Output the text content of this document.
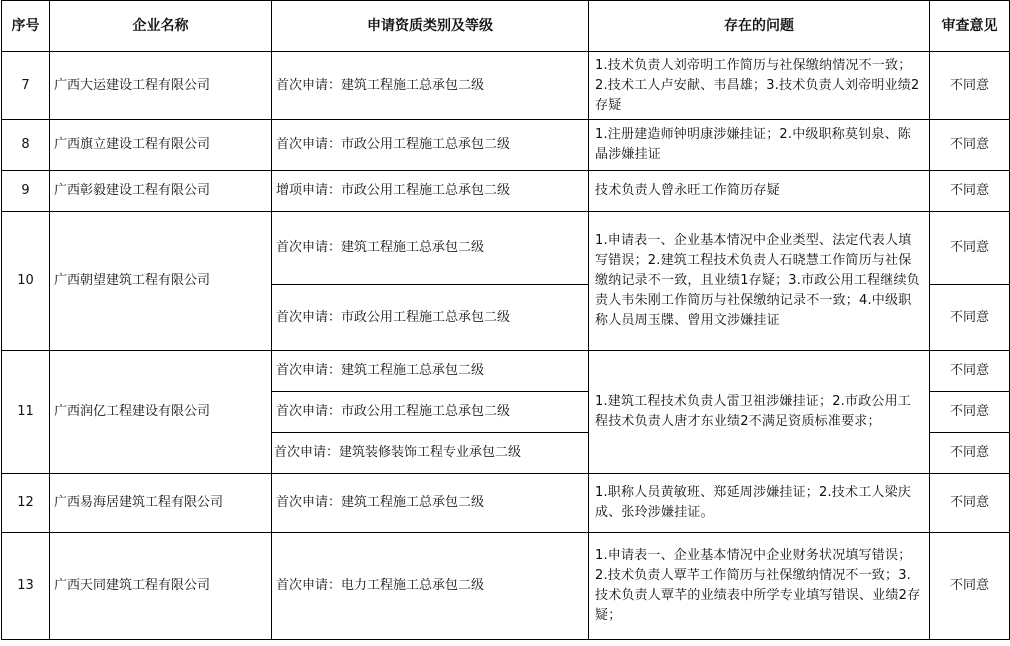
序号	企业名称	申请资质类别及等级	存在的问题	审查意见
7	广西大运建设工程有限公司	首次申请：建筑工程施工总承包二级	1.技术负责人刘帝明工作简历与社保缴纳情况不一致；2.技术工人卢安献、韦昌雄；3.技术负责人刘帝明业绩2存疑	不同意
8	广西旗立建设工程有限公司	首次申请：市政公用工程施工总承包二级	1.注册建造师钟明康涉嫌挂证；2.中级职称莫钊泉、陈晶涉嫌挂证	不同意
9	广西彰毅建设工程有限公司	增项申请：市政公用工程施工总承包二级	技术负责人曾永旺工作简历存疑	不同意
10	广西朝望建筑工程有限公司	首次申请：建筑工程施工总承包二级	1.申请表一、企业基本情况中企业类型、法定代表人填写错误；2.建筑工程技术负责人石晓慧工作简历与社保缴纳记录不一致，且业绩1存疑；3.市政公用工程继续负责人韦朱刚工作简历与社保缴纳记录不一致；4.中级职称人员周玉牒、曾用文涉嫌挂证	不同意
		首次申请：市政公用工程施工总承包二级		不同意
11	广西润亿工程建设有限公司	首次申请：建筑工程施工总承包二级	1.建筑工程技术负责人雷卫祖涉嫌挂证；2.市政公用工程技术负责人唐才东业绩2不满足资质标准要求；	不同意
		首次申请：市政公用工程施工总承包二级		不同意
		首次申请：建筑装修装饰工程专业承包二级		不同意
12	广西易海居建筑工程有限公司	首次申请：建筑工程施工总承包二级	1.职称人员黄敏班、郑延周涉嫌挂证；2.技术工人梁庆成、张玲涉嫌挂证。	不同意
13	广西天同建筑工程有限公司	首次申请：电力工程施工总承包二级	1.申请表一、企业基本情况中企业财务状况填写错误；2.技术负责人覃芊工作简历与社保缴纳情况不一致；3.技术负责人覃芊的业绩表中所学专业填写错误、业绩2存疑；	不同意
